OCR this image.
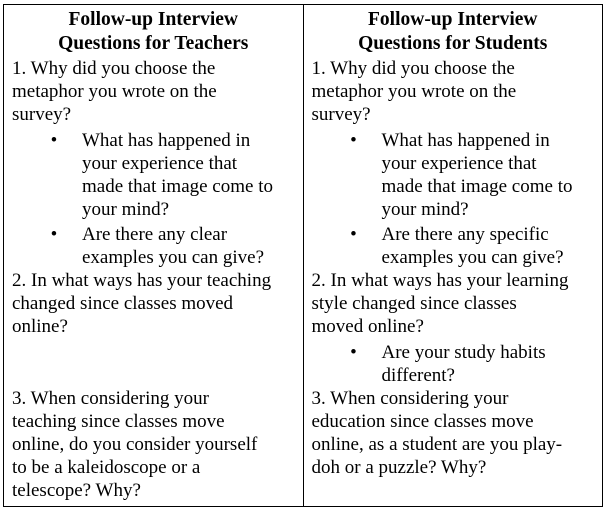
Follow-up Interview
Questions for Teachers
1. Why did you choose the
metaphor you wrote on the
survey?
• What has happened in
your experience that
made that image come to
your mind?
• Are there any clear
examples you can give?
2. In what ways has your teaching
changed since classes moved
online?
3. When considering your
teaching since classes move
online, do you consider yourself
to be a kaleidoscope or a
telescope? Why?
Follow-up Interview
Questions for Students
1. Why did you choose the
metaphor you wrote on the
survey?
• What has happened in
your experience that
made that image come to
your mind?
• Are there any specific
examples you can give?
2. In what ways has your learning
style changed since classes
moved online?
• Are your study habits
different?
3. When considering your
education since classes move
online, as a student are you play-
doh or a puzzle? Why?
